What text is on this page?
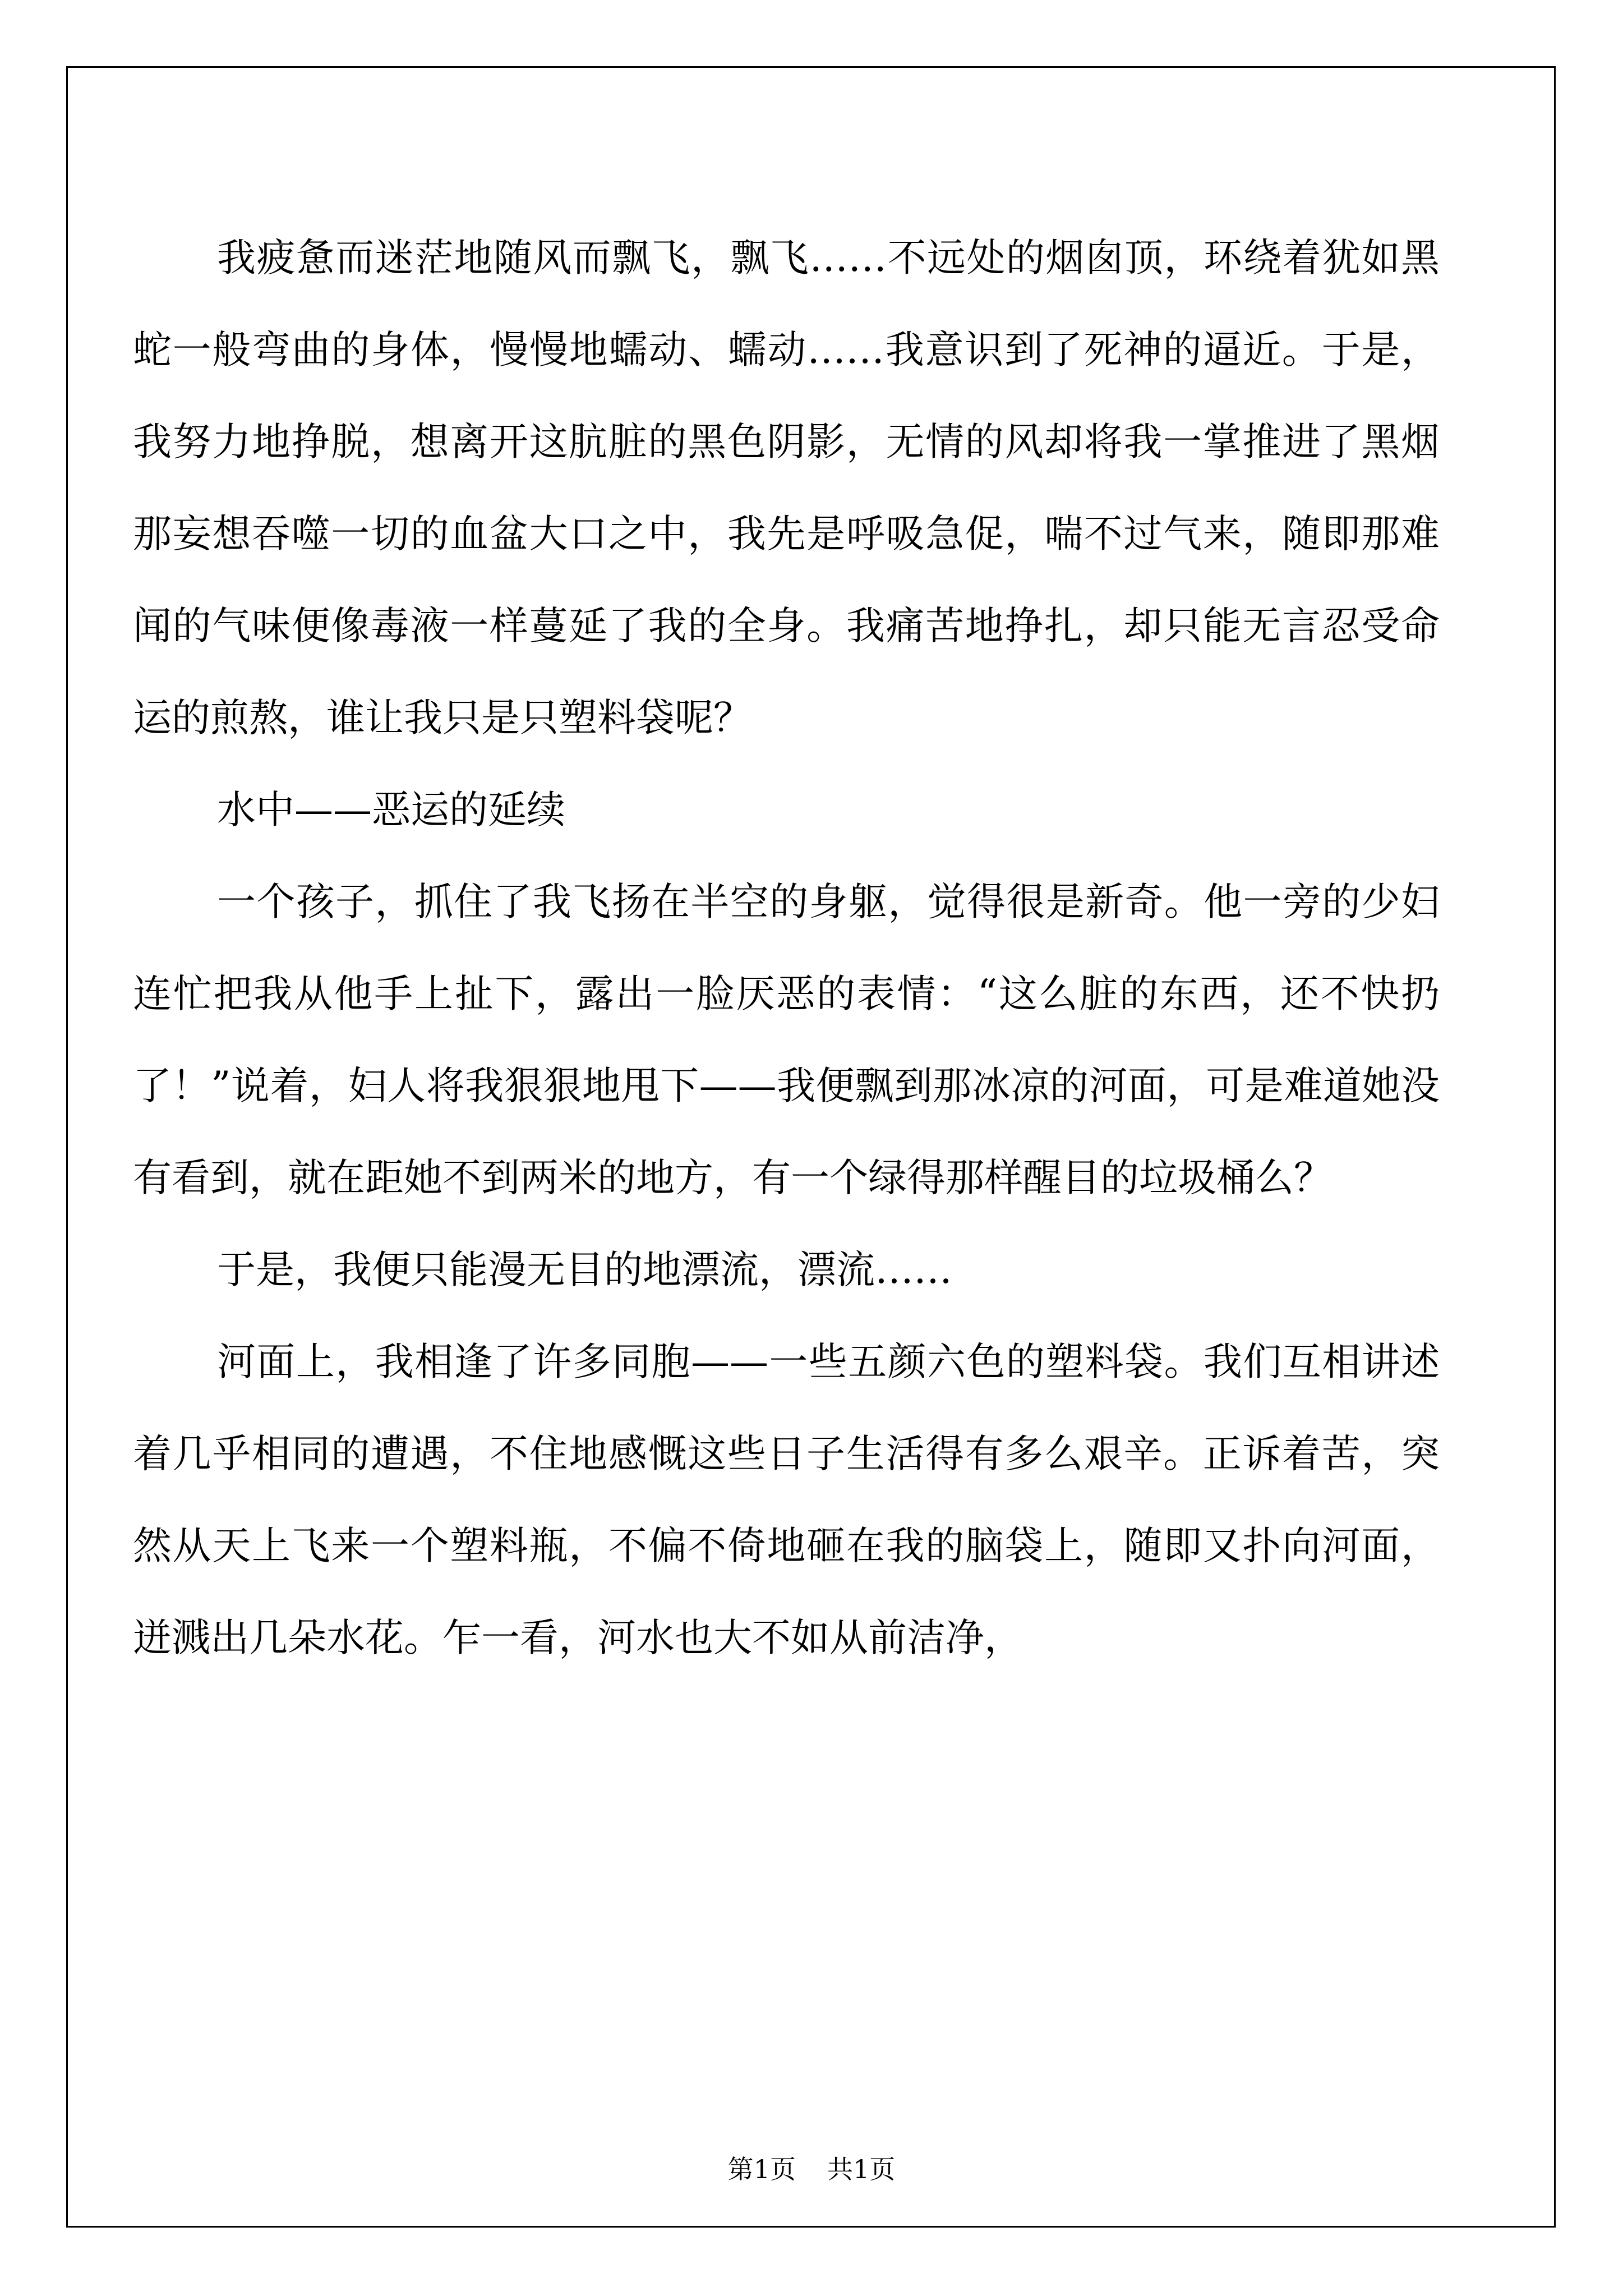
我疲惫而迷茫地随风而飘飞，飘飞……不远处的烟囱顶，环绕着犹如黑蛇一般弯曲的身体，慢慢地蠕动、蠕动……我意识到了死神的逼近。于是，我努力地挣脱，想离开这肮脏的黑色阴影，无情的风却将我一掌推进了黑烟那妄想吞噬一切的血盆大口之中，我先是呼吸急促，喘不过气来，随即那难闻的气味便像毒液一样蔓延了我的全身。我痛苦地挣扎，却只能无言忍受命运的煎熬，谁让我只是只塑料袋呢？

水中——恶运的延续

一个孩子，抓住了我飞扬在半空的身躯，觉得很是新奇。他一旁的少妇连忙把我从他手上扯下，露出一脸厌恶的表情：“这么脏的东西，还不快扔了！”说着，妇人将我狠狠地甩下——我便飘到那冰凉的河面，可是难道她没有看到，就在距她不到两米的地方，有一个绿得那样醒目的垃圾桶么？

于是，我便只能漫无目的地漂流，漂流……

河面上，我相逢了许多同胞——一些五颜六色的塑料袋。我们互相讲述着几乎相同的遭遇，不住地感慨这些日子生活得有多么艰辛。正诉着苦，突然从天上飞来一个塑料瓶，不偏不倚地砸在我的脑袋上，随即又扑向河面，迸溅出几朵水花。乍一看，河水也大不如从前洁净，

第1页 共1页
